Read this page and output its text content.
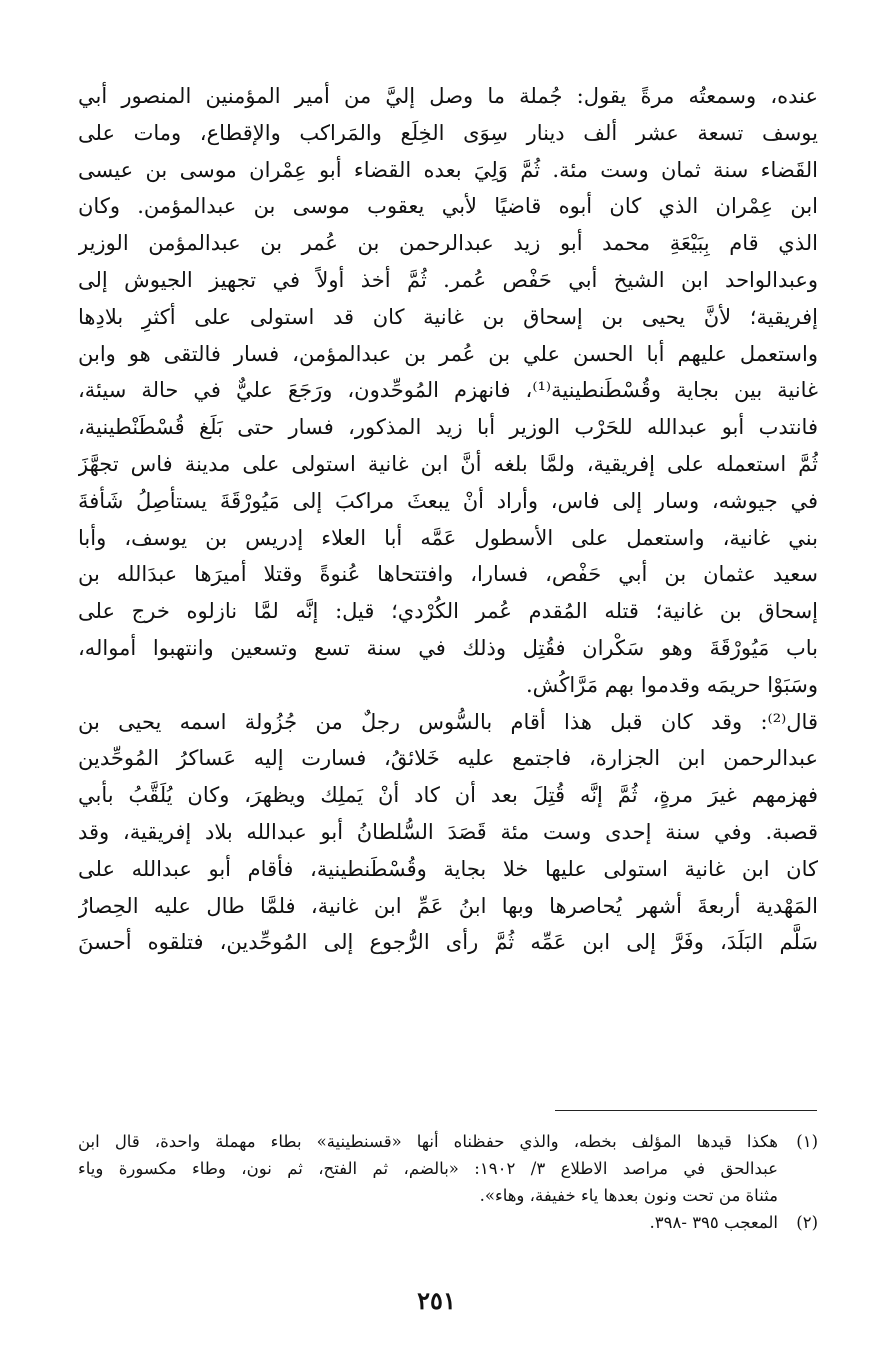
عنده، وسمعتُه مرةً يقول: جُملة ما وصل إليَّ من أمير المؤمنين المنصور أبي
يوسف تسعة عشر ألف دينار سِوَى الخِلَع والمَراكب والإقطاع، ومات على
القَضاء سنة ثمان وست مئة. ثُمَّ وَلِيَ بعده القضاء أبو عِمْران موسى بن عيسى
ابن عِمْران الذي كان أبوه قاضيًا لأبي يعقوب موسى بن عبدالمؤمن. وكان
الذي قام بِبَيْعَةِ محمد أبو زيد عبدالرحمن بن عُمر بن عبدالمؤمن الوزير
وعبدالواحد ابن الشيخ أبي حَفْص عُمر. ثُمَّ أخذ أولاً في تجهيز الجيوش إلى
إفريقية؛ لأنَّ يحيى بن إسحاق بن غانية كان قد استولى على أكثرِ بلادِها
واستعمل عليهم أبا الحسن علي بن عُمر بن عبدالمؤمن، فسار فالتقى هو وابن
غانية بين بجاية وقُسْطَنطينية⁽¹⁾، فانهزم المُوحِّدون، ورَجَعَ عليٌّ في حالة سيئة،
فانتدب أبو عبدالله للحَرْب الوزير أبا زيد المذكور، فسار حتى بَلَغ قُسْطَنْطينية،
ثُمَّ استعمله على إفريقية، ولمَّا بلغه أنَّ ابن غانية استولى على مدينة فاس تجهَّزَ
في جيوشه، وسار إلى فاس، وأراد أنْ يبعثَ مراكبَ إلى مَيُورْقَةَ يستأصِلُ شَأفةَ
بني غانية، واستعمل على الأسطول عَمَّه أبا العلاء إدريس بن يوسف، وأبا
سعيد عثمان بن أبي حَفْص، فسارا، وافتتحاها عُنوةً وقتلا أميرَها عبدَالله بن
إسحاق بن غانية؛ قتله المُقدم عُمر الكُرْدي؛ قيل: إنَّه لمَّا نازلوه خرج على
باب مَيُورْقَةَ وهو سَكْران فقُتِل وذلك في سنة تسع وتسعين وانتهبوا أمواله،
وسَبَوْا حريمَه وقدموا بهم مَرَّاكُش.
قال⁽²⁾: وقد كان قبل هذا أقام بالسُّوس رجلٌ من جُزُولة اسمه يحيى بن
عبدالرحمن ابن الجزارة، فاجتمع عليه خَلائقُ، فسارت إليه عَساكرُ المُوحِّدين
فهزمهم غيرَ مرةٍ، ثُمَّ إنَّه قُتِلَ بعد أن كاد أنْ يَملِك ويظهرَ، وكان يُلَقَّبُ بأبي
قصبة. وفي سنة إحدى وست مئة قَصَدَ السُّلطانُ أبو عبدالله بلاد إفريقية، وقد
كان ابن غانية استولى عليها خلا بجاية وقُسْطَنطينية، فأقام أبو عبدالله على
المَهْدية أربعةَ أشهر يُحاصرها وبها ابنُ عَمِّ ابن غانية، فلمَّا طال عليه الحِصارُ
سَلَّم البَلَدَ، وفَرَّ إلى ابن عَمِّه ثُمَّ رأى الرُّجوع إلى المُوحِّدين، فتلقوه أحسنَ
(١)
هكذا قيدها المؤلف بخطه، والذي حفظناه أنها «قسنطينية» بطاء مهملة واحدة، قال ابن
عبدالحق في مراصد الاطلاع ٣/ ١٩٠٢: «بالضم، ثم الفتح، ثم نون، وطاء مكسورة وياء
مثناة من تحت ونون بعدها ياء خفيفة، وهاء».
(٢)
المعجب ٣٩٥ -٣٩٨.
٢٥١
